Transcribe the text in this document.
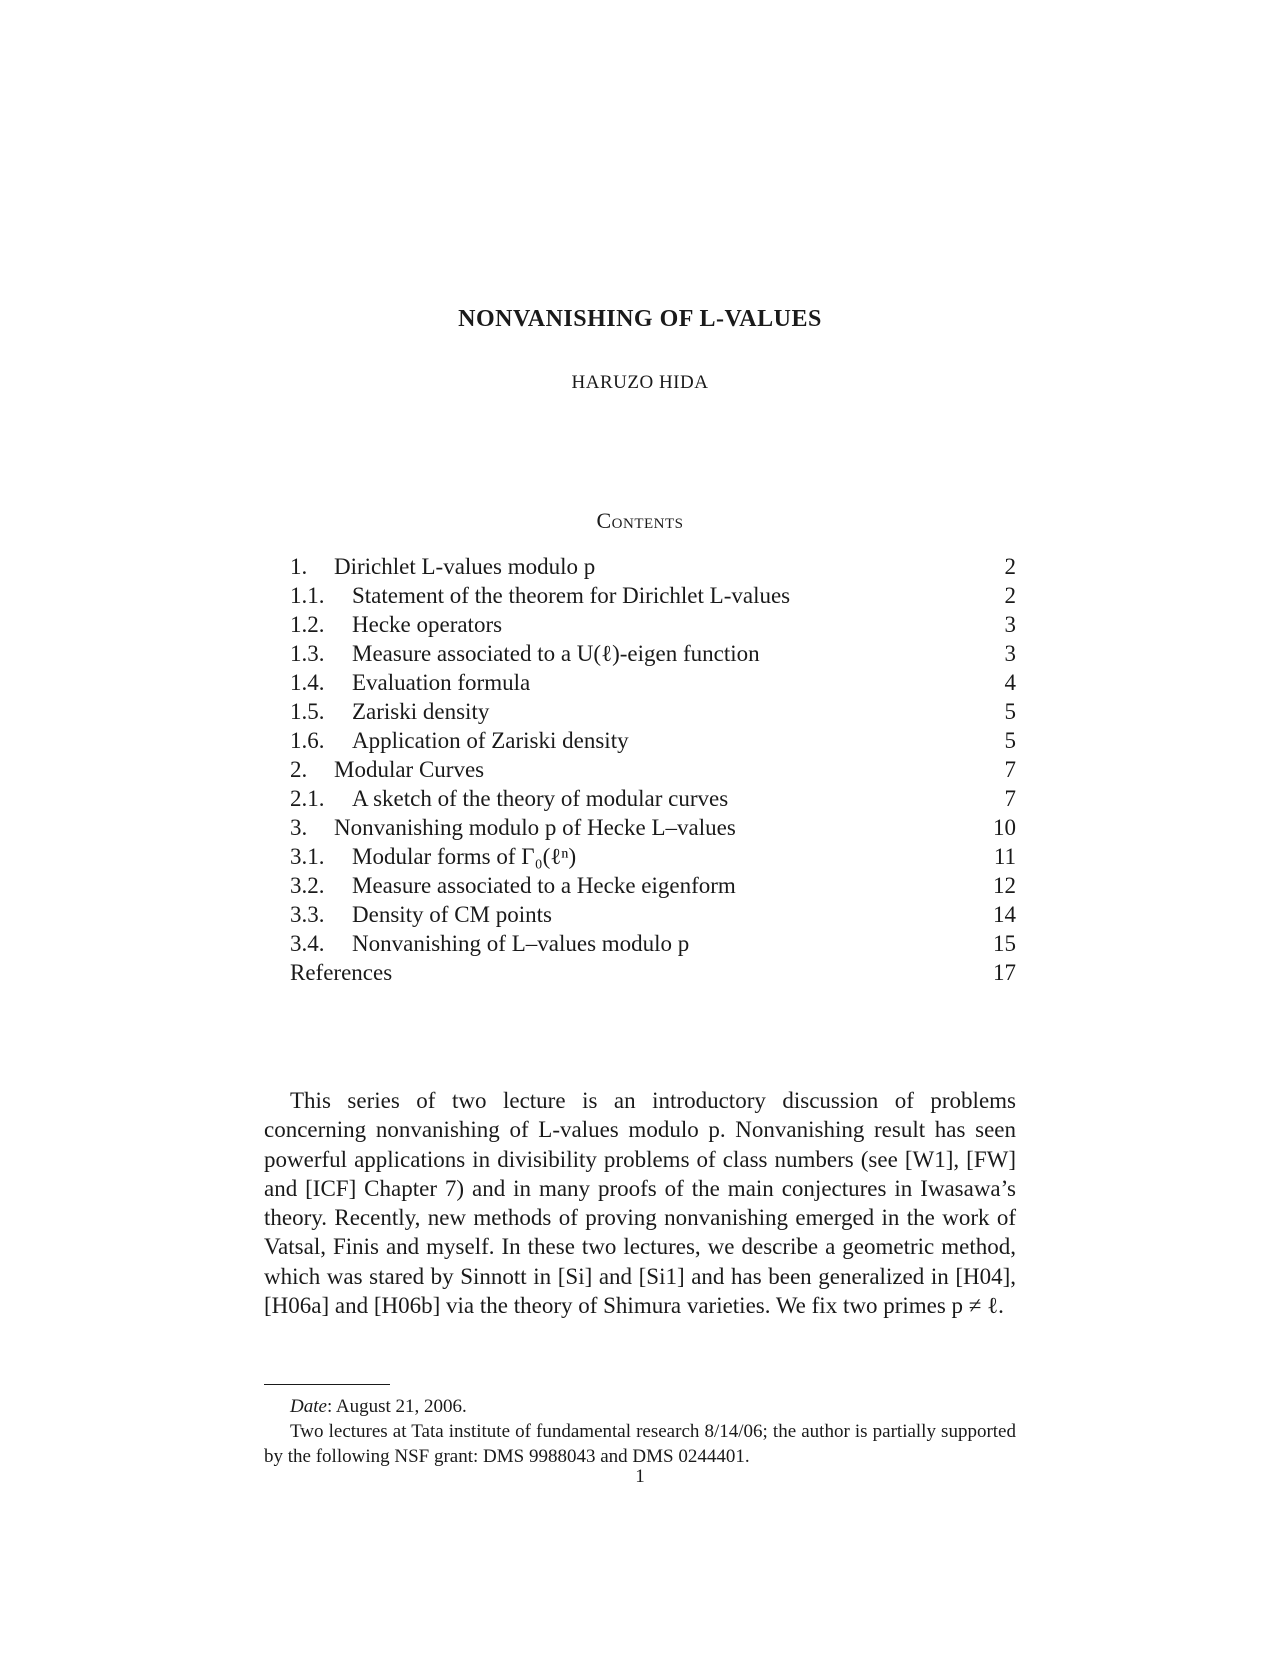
NONVANISHING OF L-VALUES
HARUZO HIDA
Contents
1.	Dirichlet L-values modulo p	2
1.1.	Statement of the theorem for Dirichlet L-values	2
1.2.	Hecke operators	3
1.3.	Measure associated to a U(ℓ)-eigen function	3
1.4.	Evaluation formula	4
1.5.	Zariski density	5
1.6.	Application of Zariski density	5
2.	Modular Curves	7
2.1.	A sketch of the theory of modular curves	7
3.	Nonvanishing modulo p of Hecke L–values	10
3.1.	Modular forms of Γ₀(ℓⁿ)	11
3.2.	Measure associated to a Hecke eigenform	12
3.3.	Density of CM points	14
3.4.	Nonvanishing of L–values modulo p	15
References	17

This series of two lecture is an introductory discussion of problems concerning nonvanishing of L-values modulo p. Nonvanishing result has seen powerful applications in divisibility problems of class numbers (see [W1], [FW] and [ICF] Chapter 7) and in many proofs of the main conjectures in Iwasawa’s theory. Recently, new methods of proving nonvanishing emerged in the work of Vatsal, Finis and myself. In these two lectures, we describe a geometric method, which was stared by Sinnott in [Si] and [Si1] and has been generalized in [H04], [H06a] and [H06b] via the theory of Shimura varieties. We fix two primes p ≠ ℓ.

Date: August 21, 2006.

Two lectures at Tata institute of fundamental research 8/14/06; the author is partially supported by the following NSF grant: DMS 9988043 and DMS 0244401.

1
